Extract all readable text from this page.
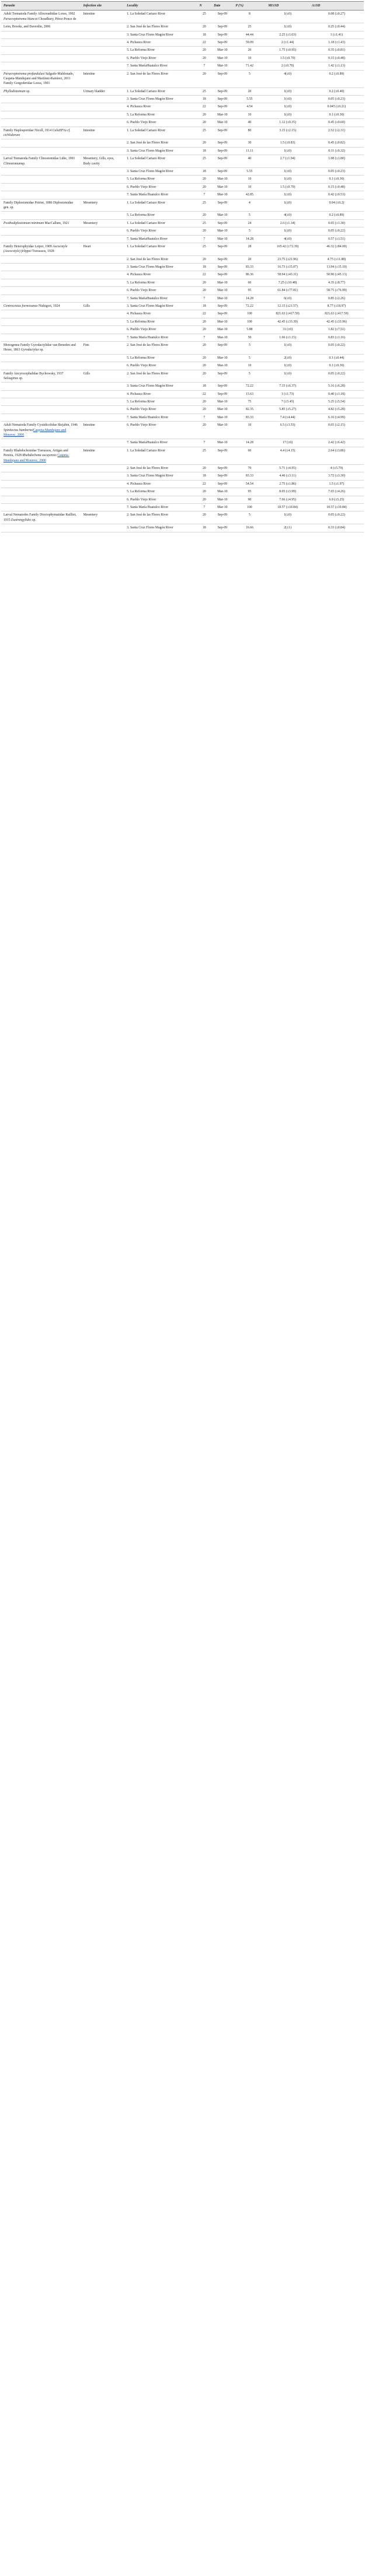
Parasite	Infection site	Locality	N	Date	P (%)	MI±SD	A±SD
Adult Trematoda Family Allocreadiidae Looss, 1902 Paracreptotrema blancoi Choudhury, Pérez-Ponce de	Intestine	1. La Soledad Cariazo River	25	Sep-09	8	1(±0)	0.08 (±0.27)
León, Brooks, and Daverdin, 2006		2. San José de las Flores River	20	Sep-09	25	1(±0)	0.25 (±0.44)
		3. Santa Cruz Flores Magón River	18	Sep-09	44.44	2.25 (±1.03)	1 (±1.41)
		4. Pichauca River	22	Sep-09	59.09	2 (±1.44)	1.18 (±1.43)
		5. La Reforma River	20	Mar-10	20	1.75 (±0.95)	0.35 (±0.81)
		6. Pueblo Viejo River	20	Mar-10	10	1.5 (±0.70)	0.15 (±0.48)
		7. Santa MaríaHuatulco River	7	Mar-10	71.42	2 (±0.70)	1.42 (±1.13)
Paracreptotrema profundulusi Salgado-Maldonado, Caspeta-Mandujano and Martínez-Ramírez, 2011 Family Gorgoderidae Looss, 1901	Intestine	2. San José de las Flores River	20	Sep-09	5	4(±0)	0.2 (±0.89)
Phyllodistomum sp.	Urinary bladder	1. La Soledad Cariazo River	25	Sep-09	20	1(±0)	0.2 (±0.40)
		3. Santa Cruz Flores Magón River	18	Sep-09	5.55	1(±0)	0.05 (±0.23)
		4. Pichauca River	22	Sep-09	4.54	1(±0)	0.045 (±0.21)
		5. La Reforma River	20	Mar-10	10	1(±0)	0.1 (±0.30)
		6. Pueblo Viejo River	20	Mar-10	40	1.12 (±0.35)	0.45 (±0.60)
Family Haplosporidae Nicoll, 1914 CuluHFra cf. cichlidorum	Intestine	1. La Soledad Cariazo River	25	Sep-09	80	3.15 (±2.15)	2.52 (±2.31)
		2. San José de las Flores River	20	Sep-09	30	1.5 (±0.83)	0.45 (±0.82)
		3. Santa Cruz Flores Magón River	18	Sep-09	11.11	1(±0)	0.11 (±0.32)
Larval Trematoda Family Clinostomidae Lühe, 1901 Clinostomumsp.	Mesentery, Gills, eyes, Body cavity	1. La Soledad Cariazo River	25	Sep-09	40	2.7 (±1.94)	1.08 (±1.80)
		3. Santa Cruz Flores Magón River	18	Sep-09	5.55	1(±0)	0.05 (±0.23)
		5. La Reforma River	20	Mar-10	10	1(±0)	0.1 (±0.30)
		6. Pueblo Viejo River	20	Mar-10	10	1.5 (±0.70)	0.15 (±0.48)
		7. Santa María Huatulco River	7	Mar-10	42.85	1(±0)	0.42 (±0.53)
Family Diplostomidae Poirier, 1886 Diplostomidae gen. sp.	Mesentery	1. La Soledad Cariazo River	25	Sep-09	4	1(±0)	0.04 (±0.2)
		5. La Reforma River	20	Mar-10	5	4(±0)	0.2 (±0.89)
Posthodiplostomum minimum MacCallum, 1921	Mesentery	1. La Soledad Cariazo River	25	Sep-09	24	2.6 (±1.34)	0.65 (±1.30)
		6. Pueblo Viejo River	20	Mar-10	5	1(±0)	0.05 (±0.22)
		7. Santa MaríaHuatulco River	7	Mar-10	14.28	4(±0)	0.57 (±1.51)
Family Heterophyidae Leiper, 1909 Ascocotyle (Ascocotyle) felippei Travassos, 1928	Heart	1. La Soledad Cariazo River	25	Sep-09	28	165.42 (±72.39)	46.32 (±84.00)
		2. San José de las Flores River	20	Sep-09	20	23.75 (±21.96)	4.75 (±11.88)
		3. Santa Cruz Flores Magón River	18	Sep-09	83.33	16.73 (±15.07)	13.94 (±15.10)
		4. Pichauca River	22	Sep-09	86.36	58.94 (±43.31)	50.90 (±45.13)
		5. La Reforma River	20	Mar-10	60	7.25 (±10.48)	4.35 (±8.77)
		6. Pueblo Viejo River	20	Mar-10	95	61.84 (±77.81)	58.75 (±76.99)
		7. Santa MaríaHuatulco River	7	Mar-10	14.28	6(±0)	0.85 (±2.26)
Centrocestus formosanus Nishigori, 1924	Gills	3. Santa Cruz Flores Magón River	18	Sep-09	72.22	12.15 (±21.57)	8.77 (±18.97)
		4. Pichauca River	22	Sep-09	100	821.63 (±417.59)	821.63 (±417.59)
		5. La Reforma River	20	Mar-10	100	42.45 (±33.39)	42.45 (±33.96)
		6. Pueblo Viejo River	20	Mar-10	5.88	31 (±0)	1.82 (±7.51)
		7. Santa María Huatulco River	7	Mar-10	50	1.66 (±1.15)	0.83 (±1.16)
Monogenea Family Gyrodactylidae van Beneden and Hesse, 1863 Gyrodactylus sp.	Fins	2. San José de las Flores River	20	Sep-09	5	1(±0)	0.05 (±0.22)
		5. La Reforma River	20	Mar-10	5	2(±0)	0.1 (±0.44)
		6. Pueblo Viejo River	20	Mar-10	10	1(±0)	0.1 (±0.30)
Family Ancyrocephalidae Bychowsky, 1937 Salsuginus sp.	Gills	2. San José de las Flores River	20	Sep-09	5	1(±0)	0.05 (±0.22)
		3. Santa Cruz Flores Magón River	18	Sep-09	72.22	7.15 (±6.37)	5.16 (±6.28)
		4. Pichauca River	22	Sep-09	13.63	1 (±1.73)	0.40 (±1.18)
		5. La Reforma River	20	Mar-10	75	7 (±5.45)	5.25 (±5.54)
		6. Pueblo Viejo River	20	Mar-10	82.35	5.85 (±5.27)	4.82 (±5.28)
		7. Santa María Huatulco River	7	Mar-10	83.33	7.4 (±4.44)	6.16 (±4.99)
Adult Nematoda Family Cystidicolidae Skrjabin, 1946 Spinitectus humbertoiCaspeta-Mandujano and Moravec, 2000	Intestine	6. Pueblo Viejo River	20	Mar-10	10	6.5 (±3.53)	0.65 (±2.15)
		7. Santa MaríaHuatulco River	7	Mar-10	14.28	17 (±0)	2.42 (±6.42)
Family Rhabdochonidae Travassos, Artigas and Pereira, 1928 Rhabdochona uscayensis Caspeta-Mandujano and Moravec, 2000	Intestine	1. La Soledad Cariazo River	25	Sep-09	60	4.4 (±4.15)	2.64 (±3.86)
		2. San José de las Flores River	20	Sep-09	70	5.71 (±4.95)	4 (±5.79)
		3. Santa Cruz Flores Magón River	18	Sep-09	83.33	4.46 (±3.11)	3.72 (±3.30)
		4. Pichauca River	22	Sep-09	54.54	2.75 (±1.86)	1.5 (±1.97)
		5. La Reforma River	20	Mar-10	95	8.05 (±3.99)	7.65 (±4.26)
		6. Pueblo Viejo River	20	Mar-10	90	7.66 (±4.95)	6.9 (±5.25)
		7. Santa María Huatulco River	7	Mar-10	100	18.57 (±10.84)	18.57 (±10.84)
Larval Nematodes Family Dioctophymatidae Railliet, 1915 Eustrongylides sp.	Mesentery	2. San José de las Flores River	20	Sep-09	5	1(±0)	0.05 (±0.22)
		3. Santa Cruz Flores Magón River	18	Sep-09	16.66	2(±1)	0.33 (±0.84)
